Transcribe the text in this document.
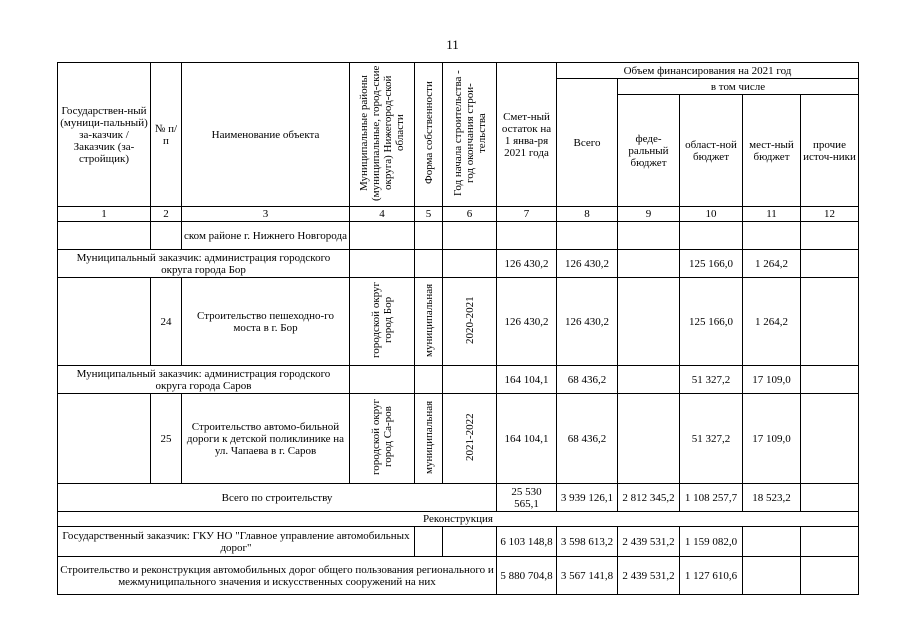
11
Государствен-ный (муници-пальный) за-казчик / Заказчик (за-стройщик)	№ п/п	Наименование объекта	Муниципальные районы (муниципальные, город-ские округа) Нижегород-ской области	Форма собственности	Год начала строительства - год окончания строи-тельства	Смет-ный остаток на 1 янва-ря 2021 года	Объем финансирования на 2021 год				
							Всего	в том числе			
								феде-ральный бюджет	област-ной бюджет	мест-ный бюджет	прочие источ-ники
1	2	3	4	5	6	7	8	9	10	11	12
		ском районе г. Нижнего Новгорода									
Муниципальный заказчик: администрация городского округа города Бор						126 430,2	126 430,2		125 166,0	1 264,2	
	24	Строительство пешеходно-го моста в г. Бор	городской округ город Бор	муниципальная	2020-2021	126 430,2	126 430,2		125 166,0	1 264,2	
Муниципальный заказчик: администрация городского округа города Саров						164 104,1	68 436,2		51 327,2	17 109,0	
	25	Строительство автомо-бильной дороги к детской поликлинике на ул. Чапаева в г. Саров	городской округ город Са-ров	муниципальная	2021-2022	164 104,1	68 436,2		51 327,2	17 109,0	
Всего по строительству						25 530 565,1	3 939 126,1	2 812 345,2	1 108 257,7	18 523,2	
Реконструкция											
Государственный заказчик: ГКУ НО "Главное управление автомобильных дорог"						6 103 148,8	3 598 613,2	2 439 531,2	1 159 082,0		
Строительство и реконструкция автомобильных дорог общего пользования регионального и межмуниципального значения и искусственных сооружений на них						5 880 704,8	3 567 141,8	2 439 531,2	1 127 610,6		
